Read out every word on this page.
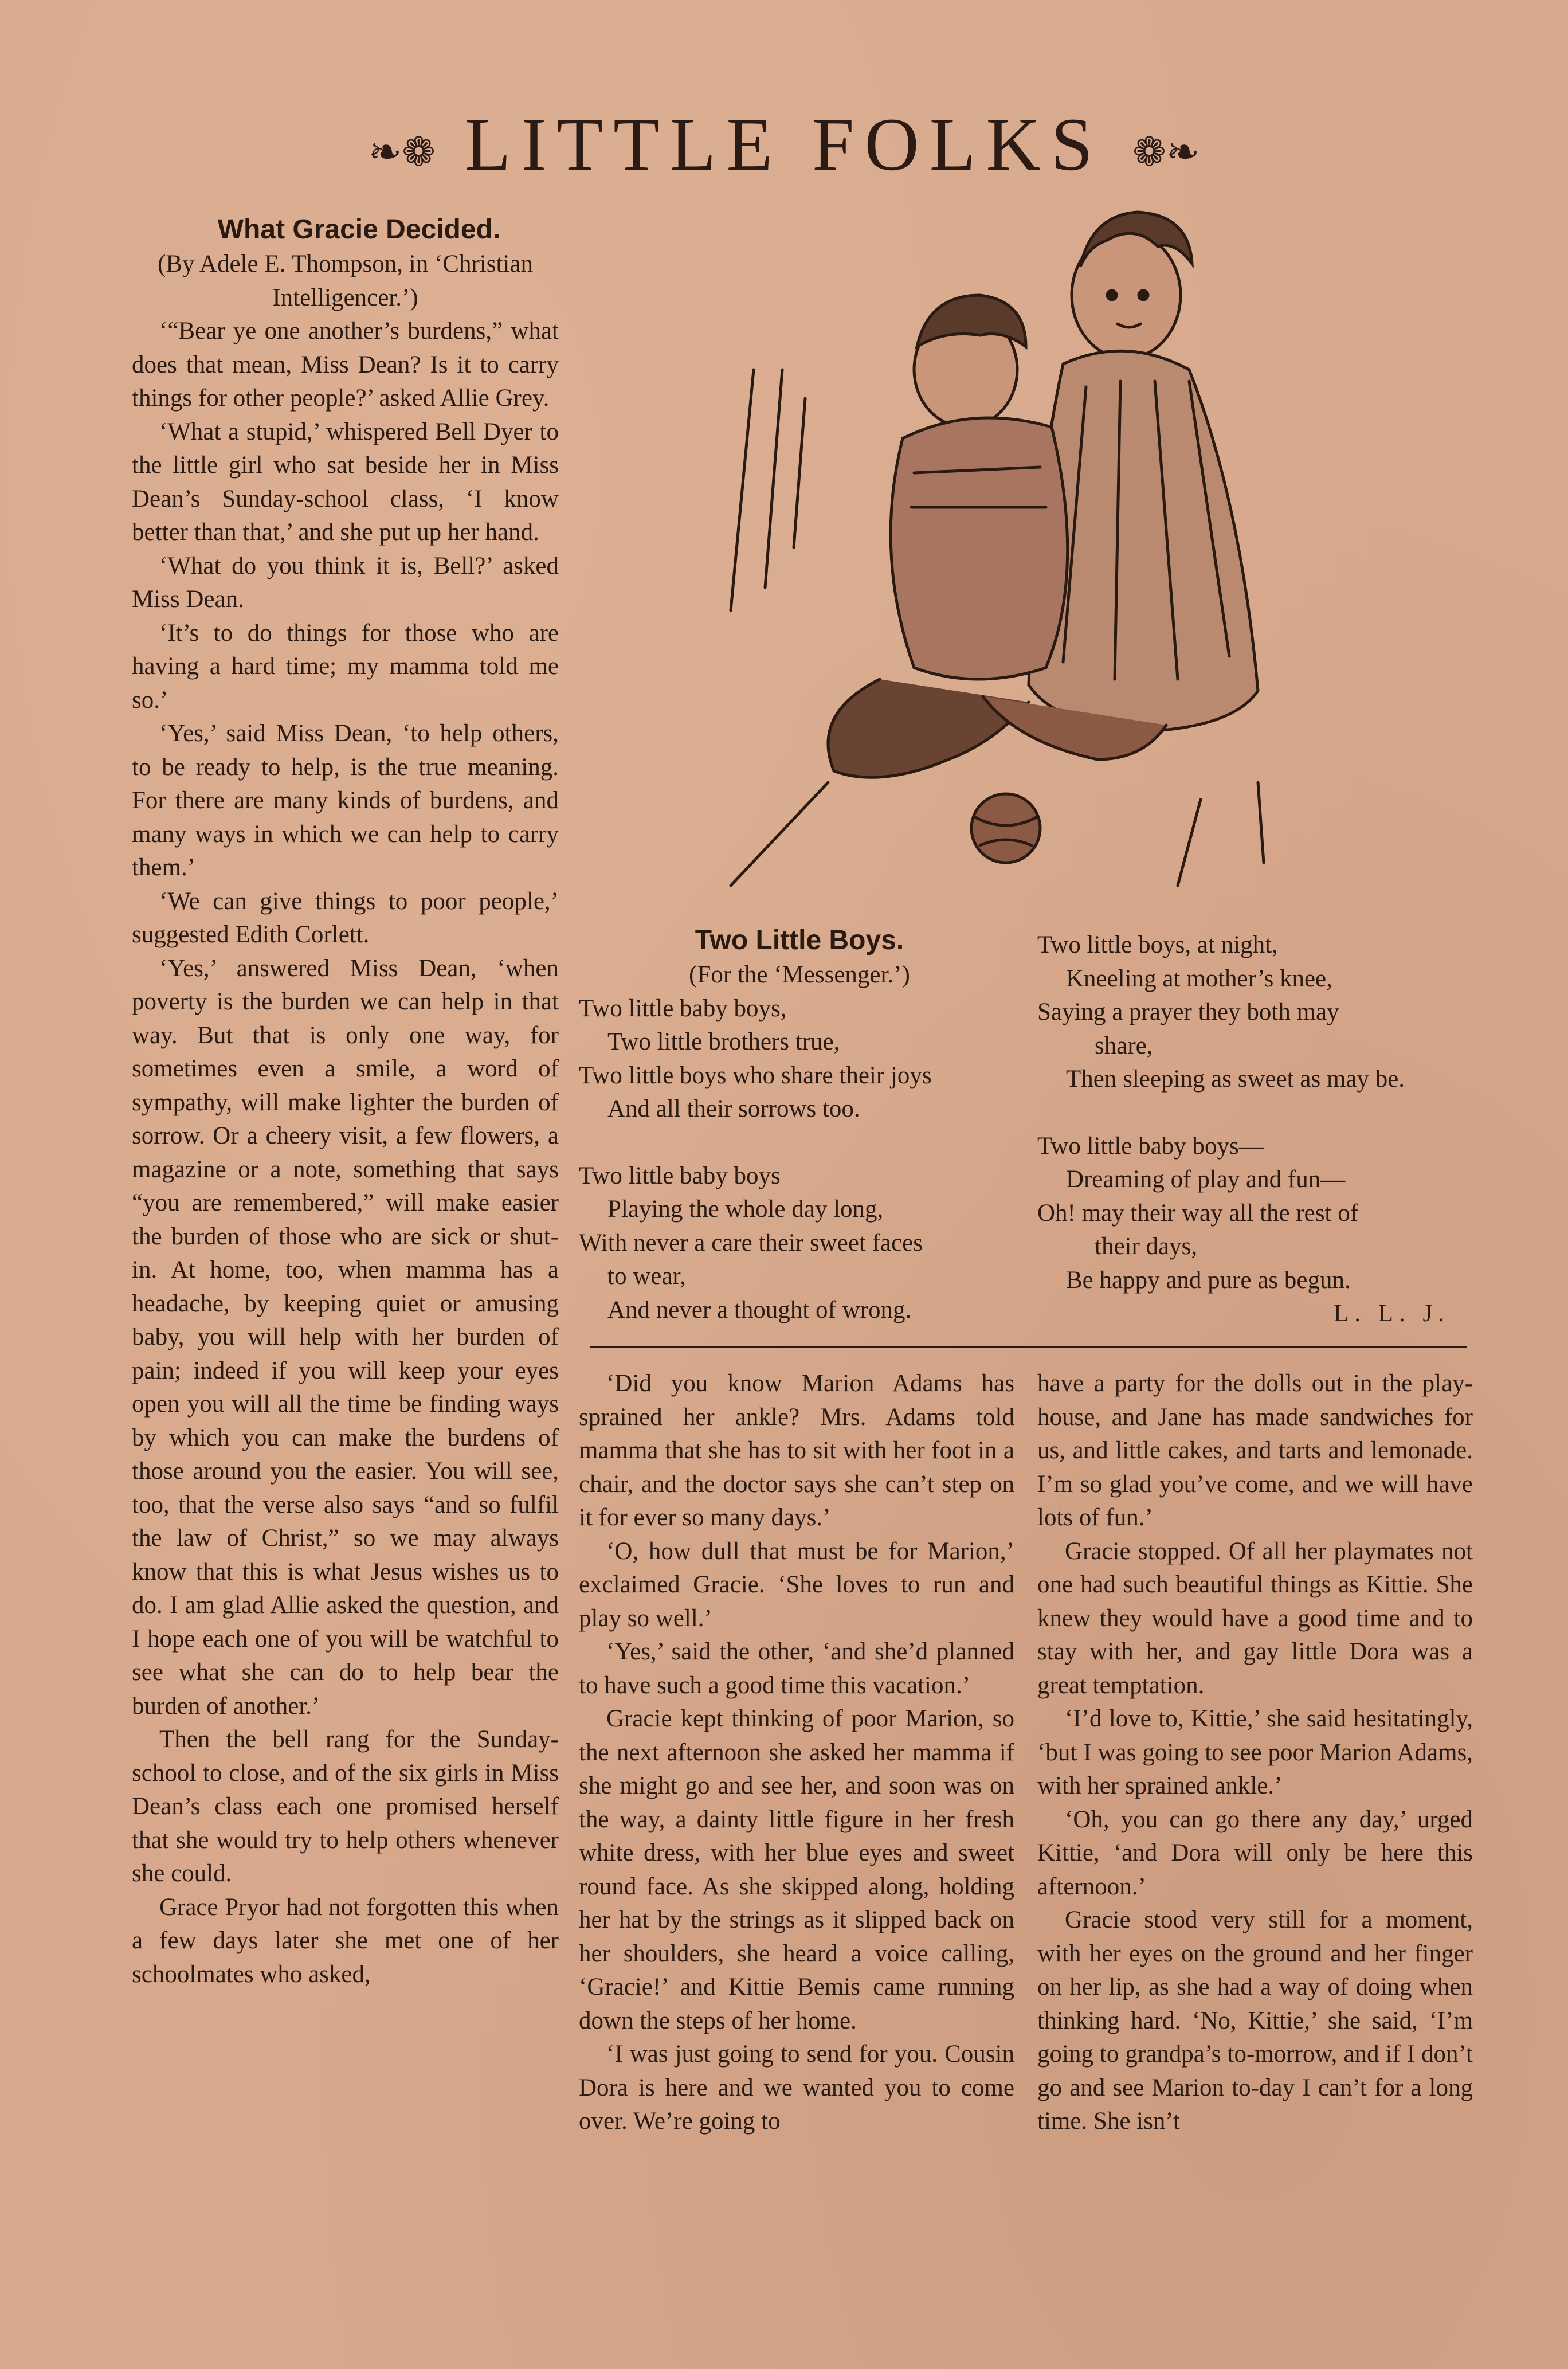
❧❁ LITTLE FOLKS ❁❧

What Gracie Decided.

(By Adele E. Thompson, in ‘Christian Intelligencer.’)

‘“Bear ye one another’s burdens,” what does that mean, Miss Dean? Is it to carry things for other people?’ asked Allie Grey.

‘What a stupid,’ whispered Bell Dyer to the little girl who sat beside her in Miss Dean’s Sunday-school class, ‘I know better than that,’ and she put up her hand.

‘What do you think it is, Bell?’ asked Miss Dean.

‘It’s to do things for those who are having a hard time; my mamma told me so.’

‘Yes,’ said Miss Dean, ‘to help others, to be ready to help, is the true meaning. For there are many kinds of burdens, and many ways in which we can help to carry them.’

‘We can give things to poor people,’ suggested Edith Corlett.

‘Yes,’ answered Miss Dean, ‘when poverty is the burden we can help in that way. But that is only one way, for sometimes even a smile, a word of sympathy, will make lighter the burden of sorrow. Or a cheery visit, a few flowers, a magazine or a note, something that says “you are remembered,” will make easier the burden of those who are sick or shut-in. At home, too, when mamma has a headache, by keeping quiet or amusing baby, you will help with her burden of pain; indeed if you will keep your eyes open you will all the time be finding ways by which you can make the burdens of those around you the easier. You will see, too, that the verse also says “and so fulfil the law of Christ,” so we may always know that this is what Jesus wishes us to do. I am glad Allie asked the question, and I hope each one of you will be watchful to see what she can do to help bear the burden of another.’

Then the bell rang for the Sunday-school to close, and of the six girls in Miss Dean’s class each one promised herself that she would try to help others whenever she could.

Grace Pryor had not forgotten this when a few days later she met one of her schoolmates who asked,

Two Little Boys.

(For the ‘Messenger.’)

Two little baby boys,
Two little brothers true,
Two little boys who share their joys
And all their sorrows too.
Two little baby boys
Playing the whole day long,
With never a care their sweet faces
to wear,
And never a thought of wrong.
Two little boys, at night,
Kneeling at mother’s knee,
Saying a prayer they both may
share,
Then sleeping as sweet as may be.
Two little baby boys—
Dreaming of play and fun—
Oh! may their way all the rest of
their days,
Be happy and pure as begun.
L. L. J.

‘Did you know Marion Adams has sprained her ankle? Mrs. Adams told mamma that she has to sit with her foot in a chair, and the doctor says she can’t step on it for ever so many days.’

‘O, how dull that must be for Marion,’ exclaimed Gracie. ‘She loves to run and play so well.’

‘Yes,’ said the other, ‘and she’d planned to have such a good time this vacation.’

Gracie kept thinking of poor Marion, so the next afternoon she asked her mamma if she might go and see her, and soon was on the way, a dainty little figure in her fresh white dress, with her blue eyes and sweet round face. As she skipped along, holding her hat by the strings as it slipped back on her shoulders, she heard a voice calling, ‘Gracie!’ and Kittie Bemis came running down the steps of her home.

‘I was just going to send for you. Cousin Dora is here and we wanted you to come over. We’re going to

have a party for the dolls out in the play-house, and Jane has made sandwiches for us, and little cakes, and tarts and lemonade. I’m so glad you’ve come, and we will have lots of fun.’

Gracie stopped. Of all her playmates not one had such beautiful things as Kittie. She knew they would have a good time and to stay with her, and gay little Dora was a great temptation.

‘I’d love to, Kittie,’ she said hesitatingly, ‘but I was going to see poor Marion Adams, with her sprained ankle.’

‘Oh, you can go there any day,’ urged Kittie, ‘and Dora will only be here this afternoon.’

Gracie stood very still for a moment, with her eyes on the ground and her finger on her lip, as she had a way of doing when thinking hard. ‘No, Kittie,’ she said, ‘I’m going to grandpa’s to-morrow, and if I don’t go and see Marion to-day I can’t for a long time. She isn’t
